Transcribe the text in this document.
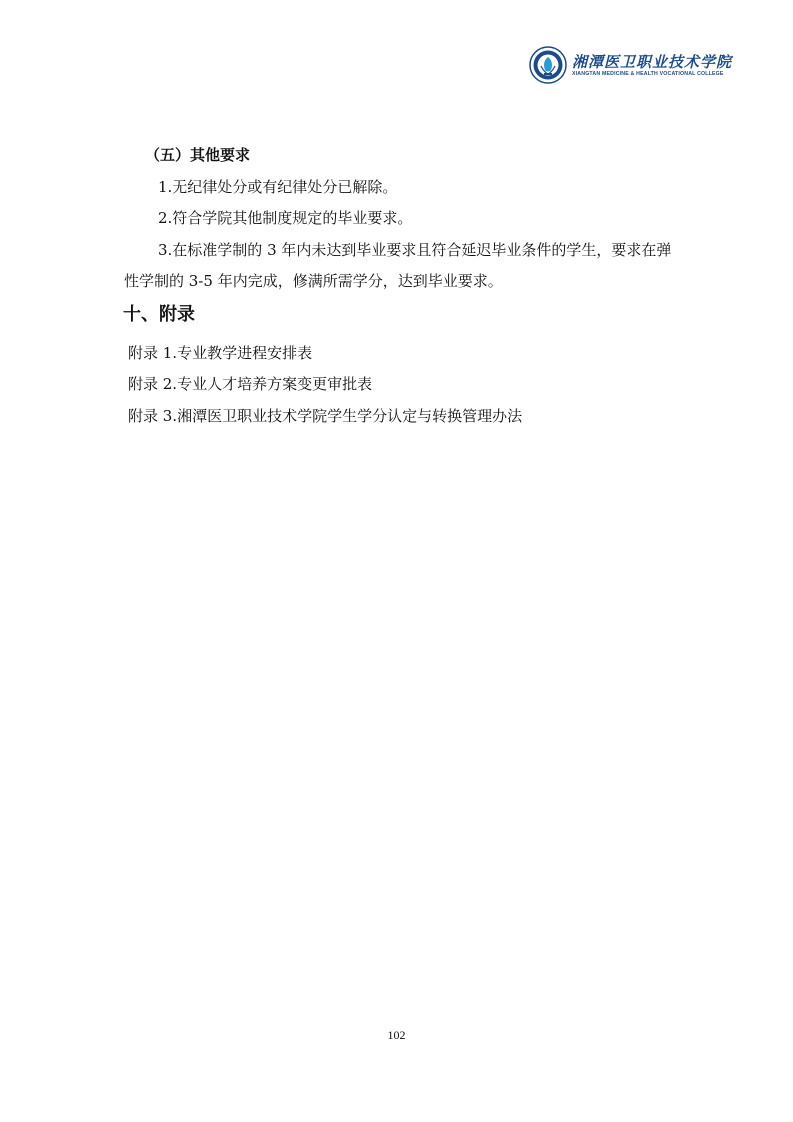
湘潭医卫职业技术学院
XIANGTAN MEDICINE & HEALTH VOCATIONAL COLLEGE
（五）其他要求
1.无纪律处分或有纪律处分已解除。
2.符合学院其他制度规定的毕业要求。
3.在标准学制的 3 年内未达到毕业要求且符合延迟毕业条件的学生，要求在弹
性学制的 3-5 年内完成，修满所需学分，达到毕业要求。
十、附录
附录 1.专业教学进程安排表
附录 2.专业人才培养方案变更审批表
附录 3.湘潭医卫职业技术学院学生学分认定与转换管理办法
102
